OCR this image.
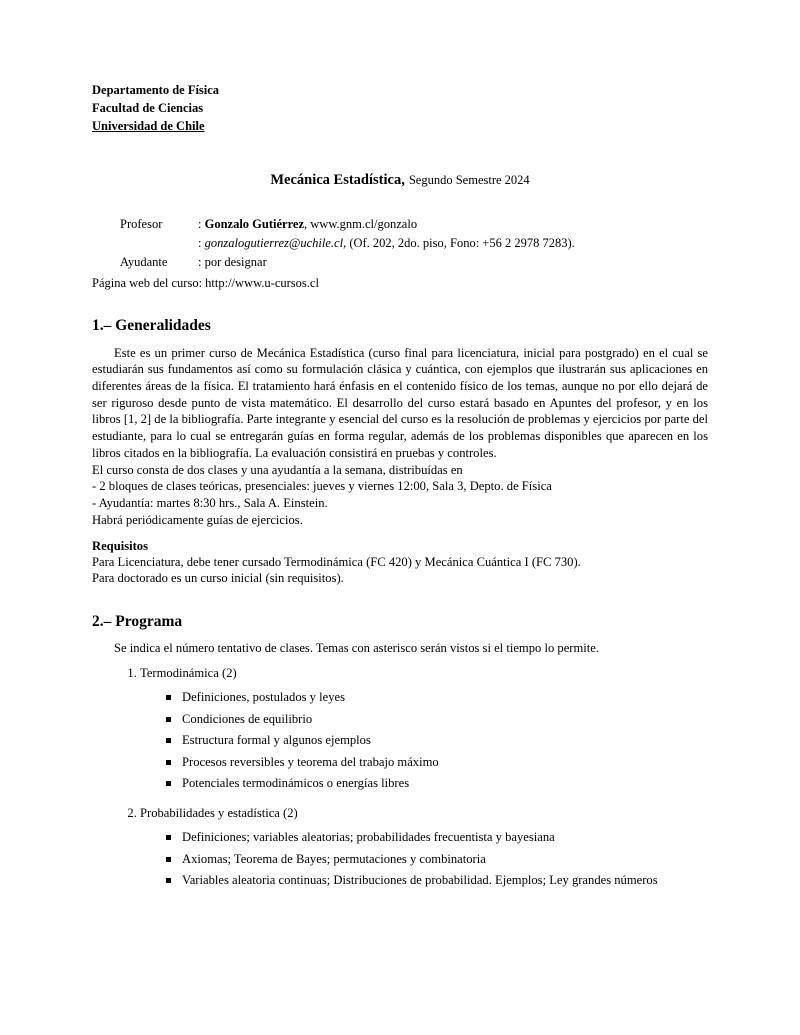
Departamento de Física
Facultad de Ciencias
Universidad de Chile
Mecánica Estadística, Segundo Semestre 2024
Profesor	: Gonzalo Gutiérrez, www.gnm.cl/gonzalo
: gonzalogutierrez@uchile.cl, (Of. 202, 2do. piso, Fono: +56 2 2978 7283).
Ayudante	: por designar
Página web del curso: http://www.u-cursos.cl
1.– Generalidades

Este es un primer curso de Mecánica Estadística (curso final para licenciatura, inicial para postgrado) en el cual se estudiarán sus fundamentos así como su formulación clásica y cuántica, con ejemplos que ilustrarán sus aplicaciones en diferentes áreas de la física. El tratamiento hará énfasis en el contenido físico de los temas, aunque no por ello dejará de ser riguroso desde punto de vista matemático. El desarrollo del curso estará basado en Apuntes del profesor, y en los libros [1, 2] de la bibliografía. Parte integrante y esencial del curso es la resolución de problemas y ejercicios por parte del estudiante, para lo cual se entregarán guías en forma regular, además de los problemas disponibles que aparecen en los libros citados en la bibliografía. La evaluación consistirá en pruebas y controles.

El curso consta de dos clases y una ayudantía a la semana, distribuídas en

- 2 bloques de clases teóricas, presenciales: jueves y viernes 12:00, Sala 3, Depto. de Física

- Ayudantía: martes 8:30 hrs., Sala A. Einstein.

Habrá periódicamente guías de ejercicios.

Requisitos

Para Licenciatura, debe tener cursado Termodinámica (FC 420) y Mecánica Cuántica I (FC 730).

Para doctorado es un curso inicial (sin requisitos).

2.– Programa

Se indica el número tentativo de clases. Temas con asterisco serán vistos si el tiempo lo permite.

1. Termodinámica (2)
Definiciones, postulados y leyes
Condiciones de equilibrio
Estructura formal y algunos ejemplos
Procesos reversibles y teorema del trabajo máximo
Potenciales termodinámicos o energías libres
2. Probabilidades y estadística (2)
Definiciones; variables aleatorias; probabilidades frecuentista y bayesiana
Axiomas; Teorema de Bayes; permutaciones y combinatoria
Variables aleatoria continuas; Distribuciones de probabilidad. Ejemplos; Ley grandes números
